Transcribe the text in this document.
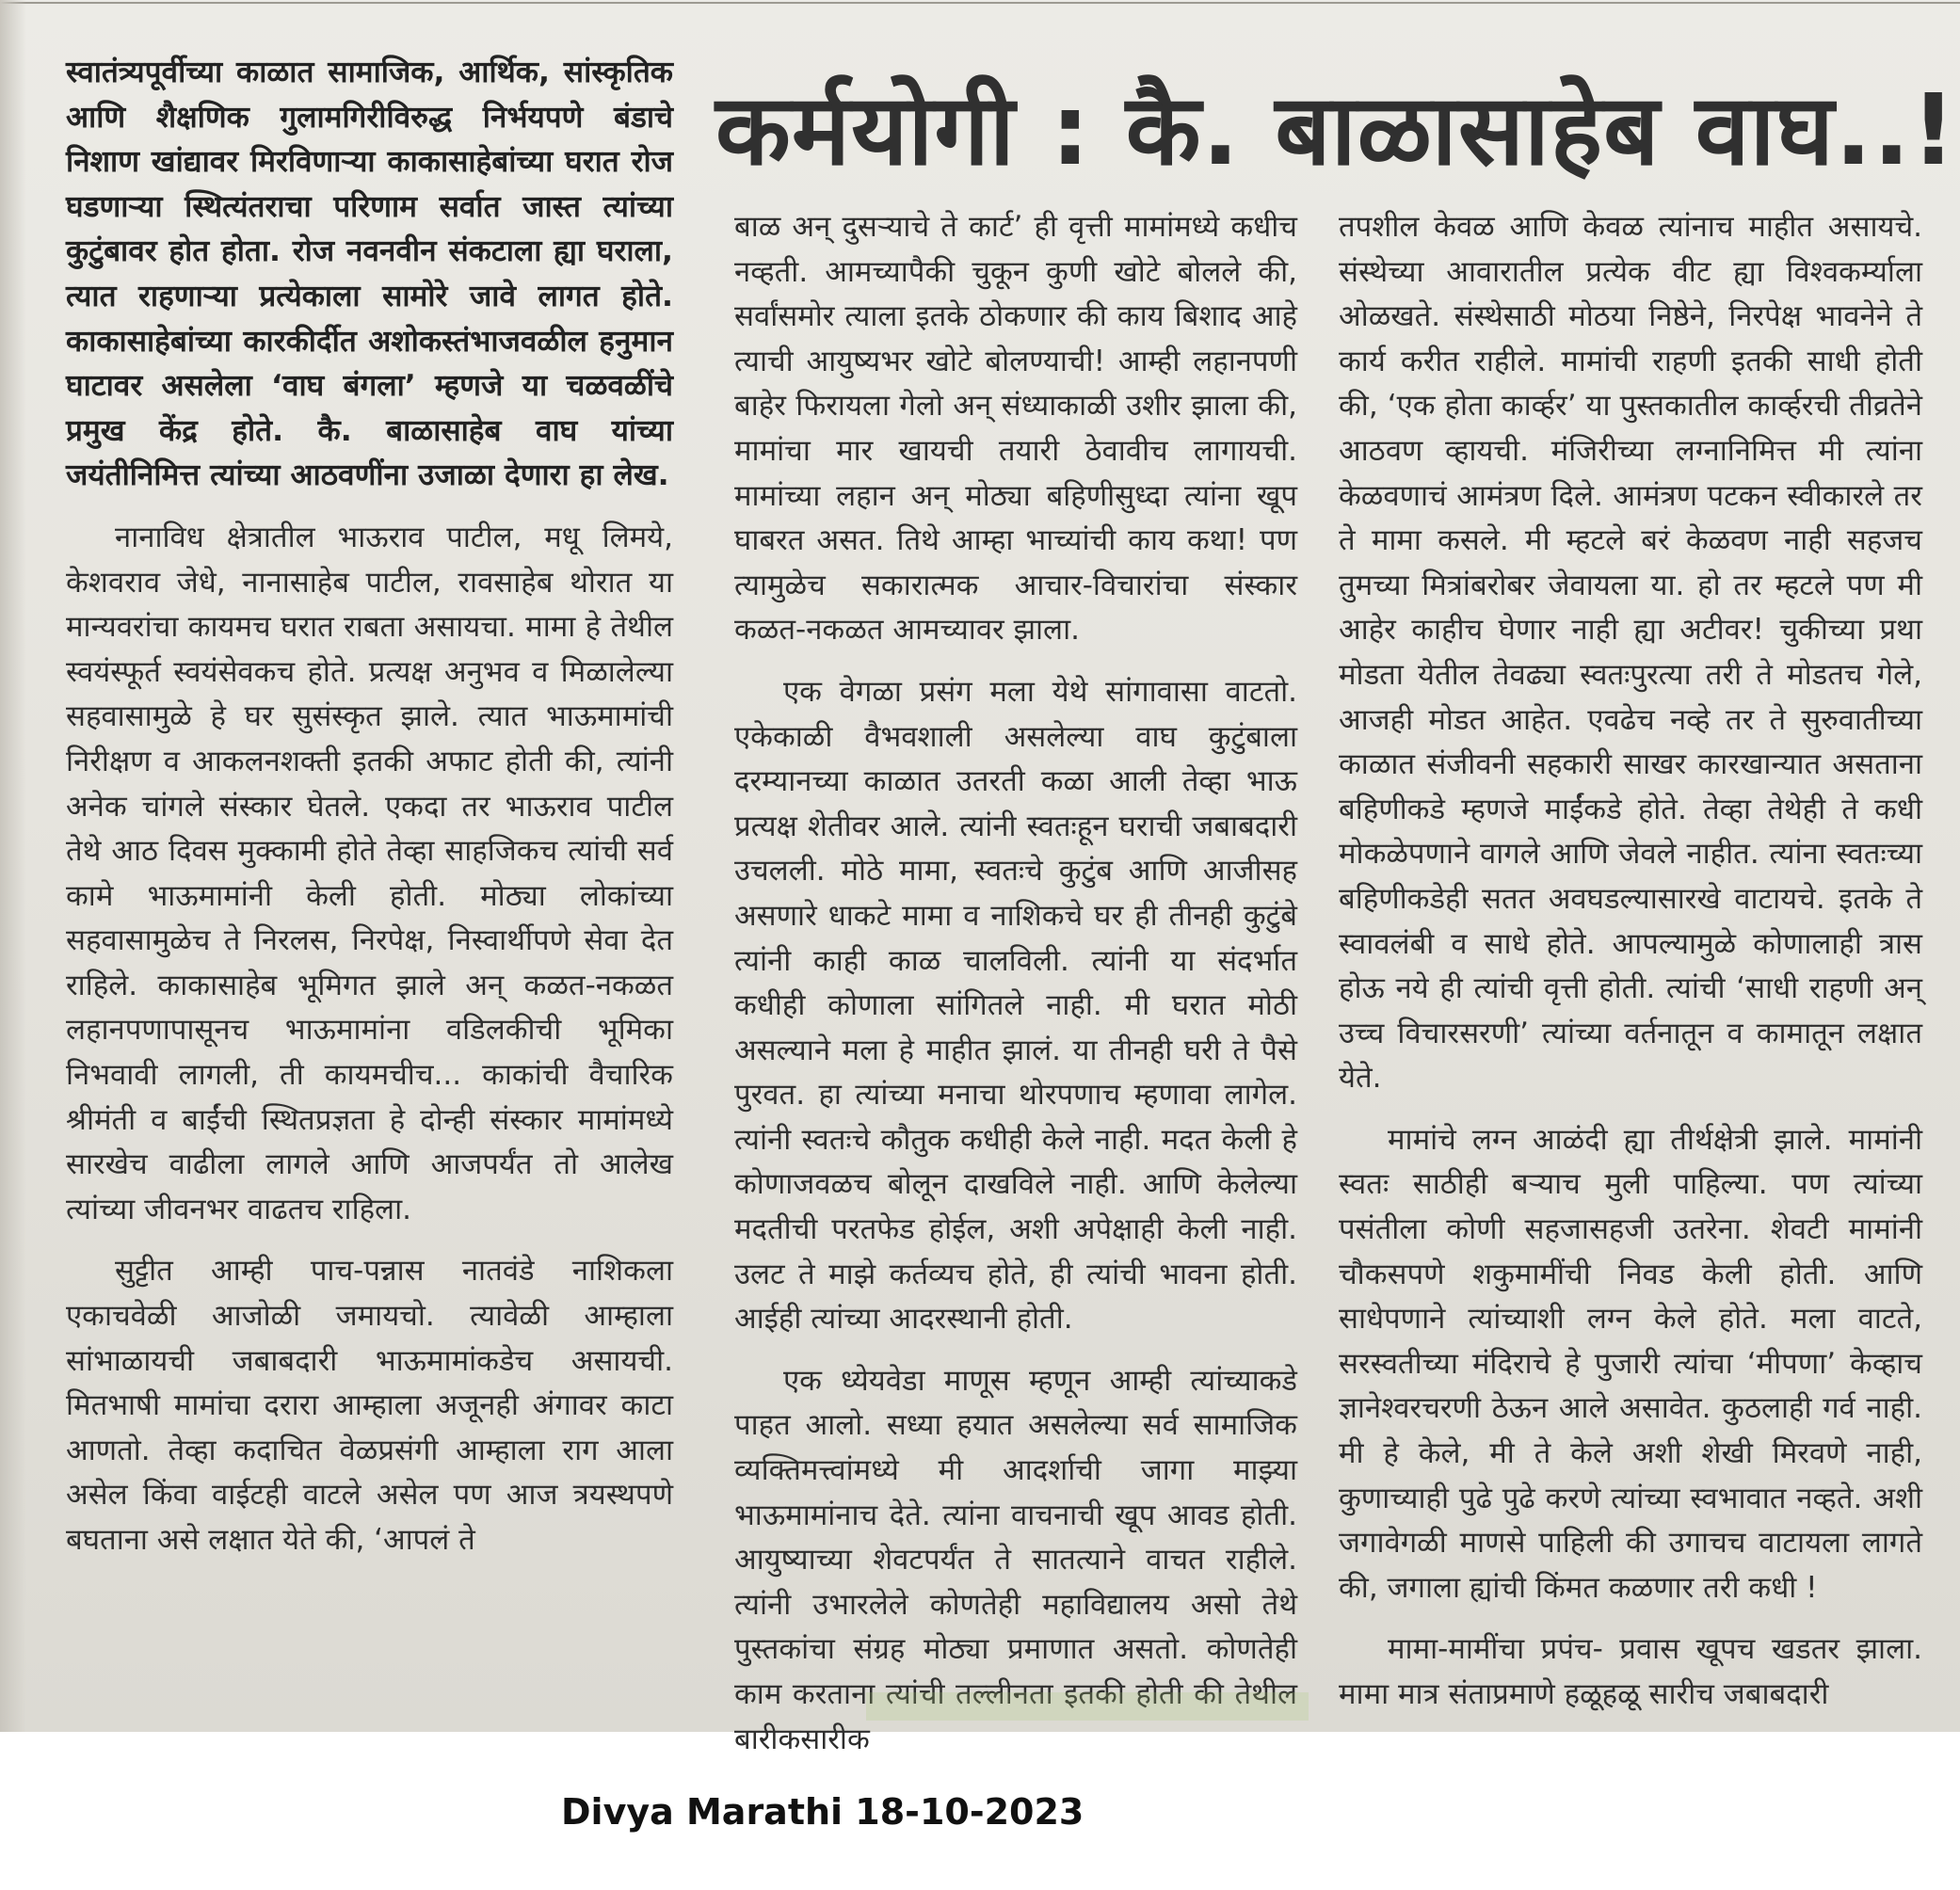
कर्मयोगी : कै. बाळासाहेब वाघ..!

स्वातंत्र्यपूर्वीच्या काळात सामाजिक, आर्थिक, सांस्कृतिक आणि शैक्षणिक गुलामगिरीविरुद्ध निर्भयपणे बंडाचे निशाण खांद्यावर मिरविणाऱ्या काकासाहेबांच्या घरात रोज घडणाऱ्या स्थित्यंतराचा परिणाम सर्वात जास्त त्यांच्या कुटुंबावर होत होता. रोज नवनवीन संकटाला ह्या घराला, त्यात राहणाऱ्या प्रत्येकाला सामोरे जावे लागत होते. काकासाहेबांच्या कारकीर्दीत अशोकस्तंभाजवळील हनुमान घाटावर असलेला ‘वाघ बंगला’ म्हणजे या चळवळींचे प्रमुख केंद्र होते. कै. बाळासाहेब वाघ यांच्या जयंतीनिमित्त त्यांच्या आठवणींना उजाळा देणारा हा लेख.

नानाविध क्षेत्रातील भाऊराव पाटील, मधू लिमये, केशवराव जेधे, नानासाहेब पाटील, रावसाहेब थोरात या मान्यवरांचा कायमच घरात राबता असायचा. मामा हे तेथील स्वयंस्फूर्त स्वयंसेवकच होते. प्रत्यक्ष अनुभव व मिळालेल्या सहवासामुळे हे घर सुसंस्कृत झाले. त्यात भाऊमामांची निरीक्षण व आकलनशक्ती इतकी अफाट होती की, त्यांनी अनेक चांगले संस्कार घेतले. एकदा तर भाऊराव पाटील तेथे आठ दिवस मुक्कामी होते तेव्हा साहजिकच त्यांची सर्व कामे भाऊमामांनी केली होती. मोठ्या लोकांच्या सहवासामुळेच ते निरलस, निरपेक्ष, निस्वार्थीपणे सेवा देत राहिले. काकासाहेब भूमिगत झाले अन् कळत-नकळत लहानपणापासूनच भाऊमामांना वडिलकीची भूमिका निभवावी लागली, ती कायमचीच... काकांची वैचारिक श्रीमंती व बाईंची स्थितप्रज्ञता हे दोन्ही संस्कार मामांमध्ये सारखेच वाढीला लागले आणि आजपर्यंत तो आलेख त्यांच्या जीवनभर वाढतच राहिला.

सुट्टीत आम्ही पाच-पन्नास नातवंडे नाशिकला एकाचवेळी आजोळी जमायचो. त्यावेळी आम्हाला सांभाळायची जबाबदारी भाऊमामांकडेच असायची. मितभाषी मामांचा दरारा आम्हाला अजूनही अंगावर काटा आणतो. तेव्हा कदाचित वेळप्रसंगी आम्हाला राग आला असेल किंवा वाईटही वाटले असेल पण आज त्रयस्थपणे बघताना असे लक्षात येते की, ‘आपलं ते

बाळ अन् दुसऱ्याचे ते कार्ट’ ही वृत्ती मामांमध्ये कधीच नव्हती. आमच्यापैकी चुकून कुणी खोटे बोलले की, सर्वांसमोर त्याला इतके ठोकणार की काय बिशाद आहे त्याची आयुष्यभर खोटे बोलण्याची! आम्ही लहानपणी बाहेर फिरायला गेलो अन् संध्याकाळी उशीर झाला की, मामांचा मार खायची तयारी ठेवावीच लागायची. मामांच्या लहान अन् मोठ्या बहिणीसुध्दा त्यांना खूप घाबरत असत. तिथे आम्हा भाच्यांची काय कथा! पण त्यामुळेच सकारात्मक आचार-विचारांचा संस्कार कळत-नकळत आमच्यावर झाला.

एक वेगळा प्रसंग मला येथे सांगावासा वाटतो. एकेकाळी वैभवशाली असलेल्या वाघ कुटुंबाला दरम्यानच्या काळात उतरती कळा आली तेव्हा भाऊ प्रत्यक्ष शेतीवर आले. त्यांनी स्वतःहून घराची जबाबदारी उचलली. मोठे मामा, स्वतःचे कुटुंब आणि आजीसह असणारे धाकटे मामा व नाशिकचे घर ही तीनही कुटुंबे त्यांनी काही काळ चालविली. त्यांनी या संदर्भात कधीही कोणाला सांगितले नाही. मी घरात मोठी असल्याने मला हे माहीत झालं. या तीनही घरी ते पैसे पुरवत. हा त्यांच्या मनाचा थोरपणाच म्हणावा लागेल. त्यांनी स्वतःचे कौतुक कधीही केले नाही. मदत केली हे कोणाजवळच बोलून दाखविले नाही. आणि केलेल्या मदतीची परतफेड होईल, अशी अपेक्षाही केली नाही. उलट ते माझे कर्तव्यच होते, ही त्यांची भावना होती. आईही त्यांच्या आदरस्थानी होती.

एक ध्येयवेडा माणूस म्हणून आम्ही त्यांच्याकडे पाहत आलो. सध्या हयात असलेल्या सर्व सामाजिक व्यक्तिमत्त्वांमध्ये मी आदर्शाची जागा माझ्या भाऊमामांनाच देते. त्यांना वाचनाची खूप आवड होती. आयुष्याच्या शेवटपर्यंत ते सातत्याने वाचत राहीले. त्यांनी उभारलेले कोणतेही महाविद्यालय असो तेथे पुस्तकांचा संग्रह मोठ्या प्रमाणात असतो. कोणतेही काम करताना त्यांची तल्लीनता इतकी होती की तेथील बारीकसारीक

तपशील केवळ आणि केवळ त्यांनाच माहीत असायचे. संस्थेच्या आवारातील प्रत्येक वीट ह्या विश्वकर्म्याला ओळखते. संस्थेसाठी मोठया निष्ठेने, निरपेक्ष भावनेने ते कार्य करीत राहीले. मामांची राहणी इतकी साधी होती की, ‘एक होता कार्व्हर’ या पुस्तकातील कार्व्हरची तीव्रतेने आठवण व्हायची. मंजिरीच्या लग्नानिमित्त मी त्यांना केळवणाचं आमंत्रण दिले. आमंत्रण पटकन स्वीकारले तर ते मामा कसले. मी म्हटले बरं केळवण नाही सहजच तुमच्या मित्रांबरोबर जेवायला या. हो तर म्हटले पण मी आहेर काहीच घेणार नाही ह्या अटीवर! चुकीच्या प्रथा मोडता येतील तेवढ्या स्वतःपुरत्या तरी ते मोडतच गेले, आजही मोडत आहेत. एवढेच नव्हे तर ते सुरुवातीच्या काळात संजीवनी सहकारी साखर कारखान्यात असताना बहिणीकडे म्हणजे माईंकडे होते. तेव्हा तेथेही ते कधी मोकळेपणाने वागले आणि जेवले नाहीत. त्यांना स्वतःच्या बहिणीकडेही सतत अवघडल्यासारखे वाटायचे. इतके ते स्वावलंबी व साधे होते. आपल्यामुळे कोणालाही त्रास होऊ नये ही त्यांची वृत्ती होती. त्यांची ‘साधी राहणी अन् उच्च विचारसरणी’ त्यांच्या वर्तनातून व कामातून लक्षात येते.

मामांचे लग्न आळंदी ह्या तीर्थक्षेत्री झाले. मामांनी स्वतः साठीही बऱ्याच मुली पाहिल्या. पण त्यांच्या पसंतीला कोणी सहजासहजी उतरेना. शेवटी मामांनी चौकसपणे शकुमामींची निवड केली होती. आणि साधेपणाने त्यांच्याशी लग्न केले होते. मला वाटते, सरस्वतीच्या मंदिराचे हे पुजारी त्यांचा ‘मीपणा’ केव्हाच ज्ञानेश्वरचरणी ठेऊन आले असावेत. कुठलाही गर्व नाही. मी हे केले, मी ते केले अशी शेखी मिरवणे नाही, कुणाच्याही पुढे पुढे करणे त्यांच्या स्वभावात नव्हते. अशी जगावेगळी माणसे पाहिली की उगाचच वाटायला लागते की, जगाला ह्यांची किंमत कळणार तरी कधी !

मामा-मामींचा प्रपंच- प्रवास खूपच खडतर झाला. मामा मात्र संताप्रमाणे हळूहळू सारीच जबाबदारी

Divya Marathi 18-10-2023
